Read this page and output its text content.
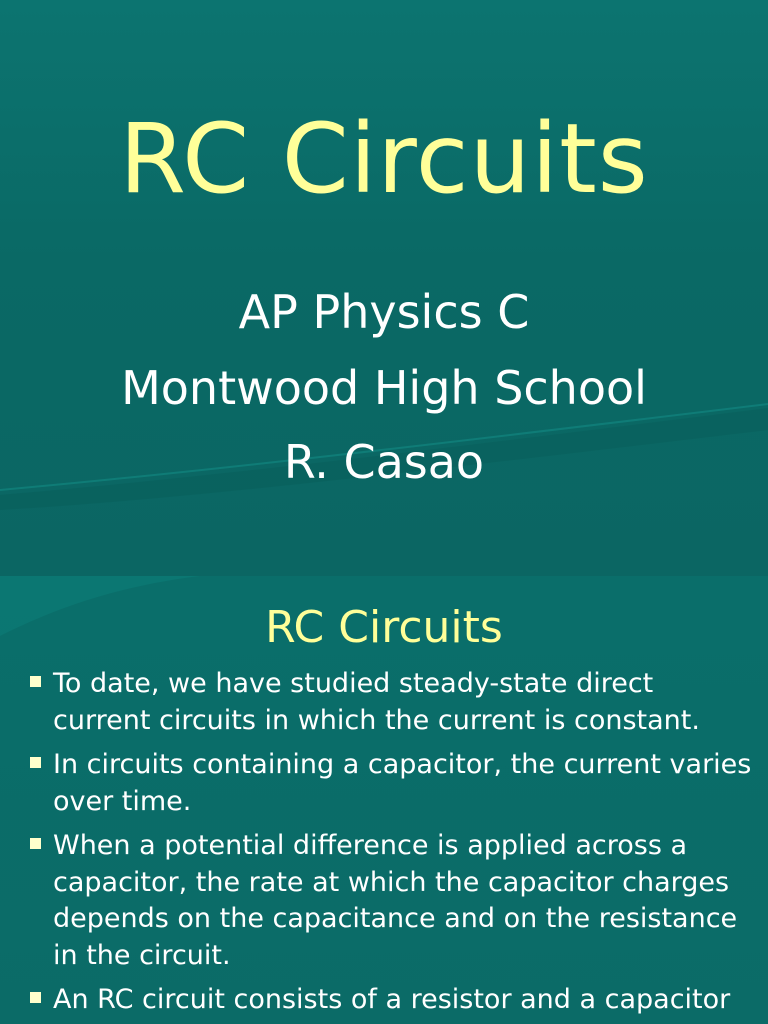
RC Circuits

AP Physics C

Montwood High School

R. Casao

RC Circuits
To date, we have studied steady-state direct current circuits in which the current is constant.
In circuits containing a capacitor, the current varies over time.
When a potential difference is applied across a capacitor, the rate at which the capacitor charges depends on the capacitance and on the resistance in the circuit.
An RC circuit consists of a resistor and a capacitor
